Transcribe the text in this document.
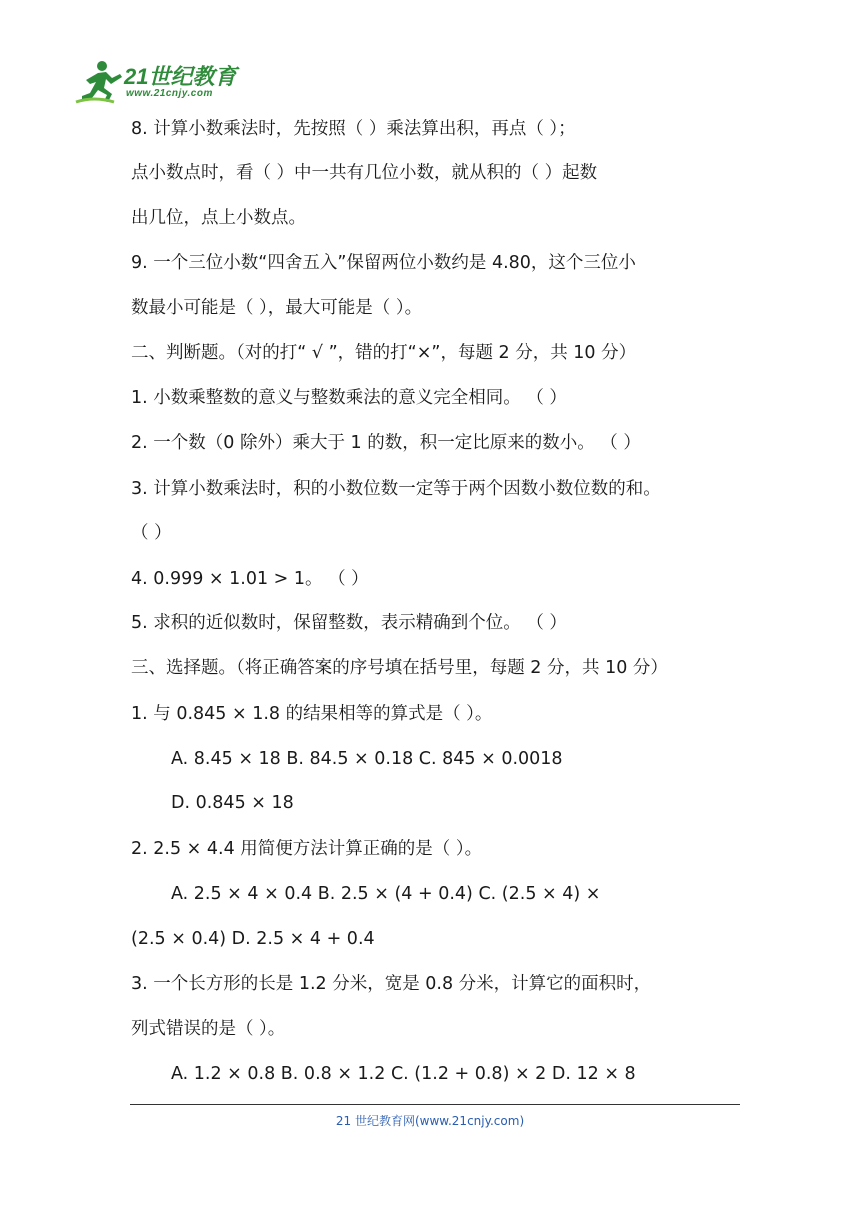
21世纪教育
www.21cnjy.com
8. 计算小数乘法时，先按照（ ）乘法算出积，再点（ ）；
点小数点时，看（ ）中一共有几位小数，就从积的（ ）起数
出几位，点上小数点。
9. 一个三位小数“四舍五入”保留两位小数约是 4.80，这个三位小
数最小可能是（ ），最大可能是（ ）。
二、判断题。（对的打“ √ ”，错的打“×”，每题 2 分，共 10 分）
1. 小数乘整数的意义与整数乘法的意义完全相同。 （ ）
2. 一个数（0 除外）乘大于 1 的数，积一定比原来的数小。 （ ）
3. 计算小数乘法时，积的小数位数一定等于两个因数小数位数的和。
（ ）
4. 0.999 × 1.01 > 1。 （ ）
5. 求积的近似数时，保留整数，表示精确到个位。 （ ）
三、选择题。（将正确答案的序号填在括号里，每题 2 分，共 10 分）
1. 与 0.845 × 1.8 的结果相等的算式是（ ）。
A. 8.45 × 18 B. 84.5 × 0.18 C. 845 × 0.0018
D. 0.845 × 18
2. 2.5 × 4.4 用简便方法计算正确的是（ ）。
A. 2.5 × 4 × 0.4 B. 2.5 × (4 + 0.4) C. (2.5 × 4) ×
(2.5 × 0.4) D. 2.5 × 4 + 0.4
3. 一个长方形的长是 1.2 分米，宽是 0.8 分米，计算它的面积时，
列式错误的是（ ）。
A. 1.2 × 0.8 B. 0.8 × 1.2 C. (1.2 + 0.8) × 2 D. 12 × 8
21 世纪教育网(www.21cnjy.com)
